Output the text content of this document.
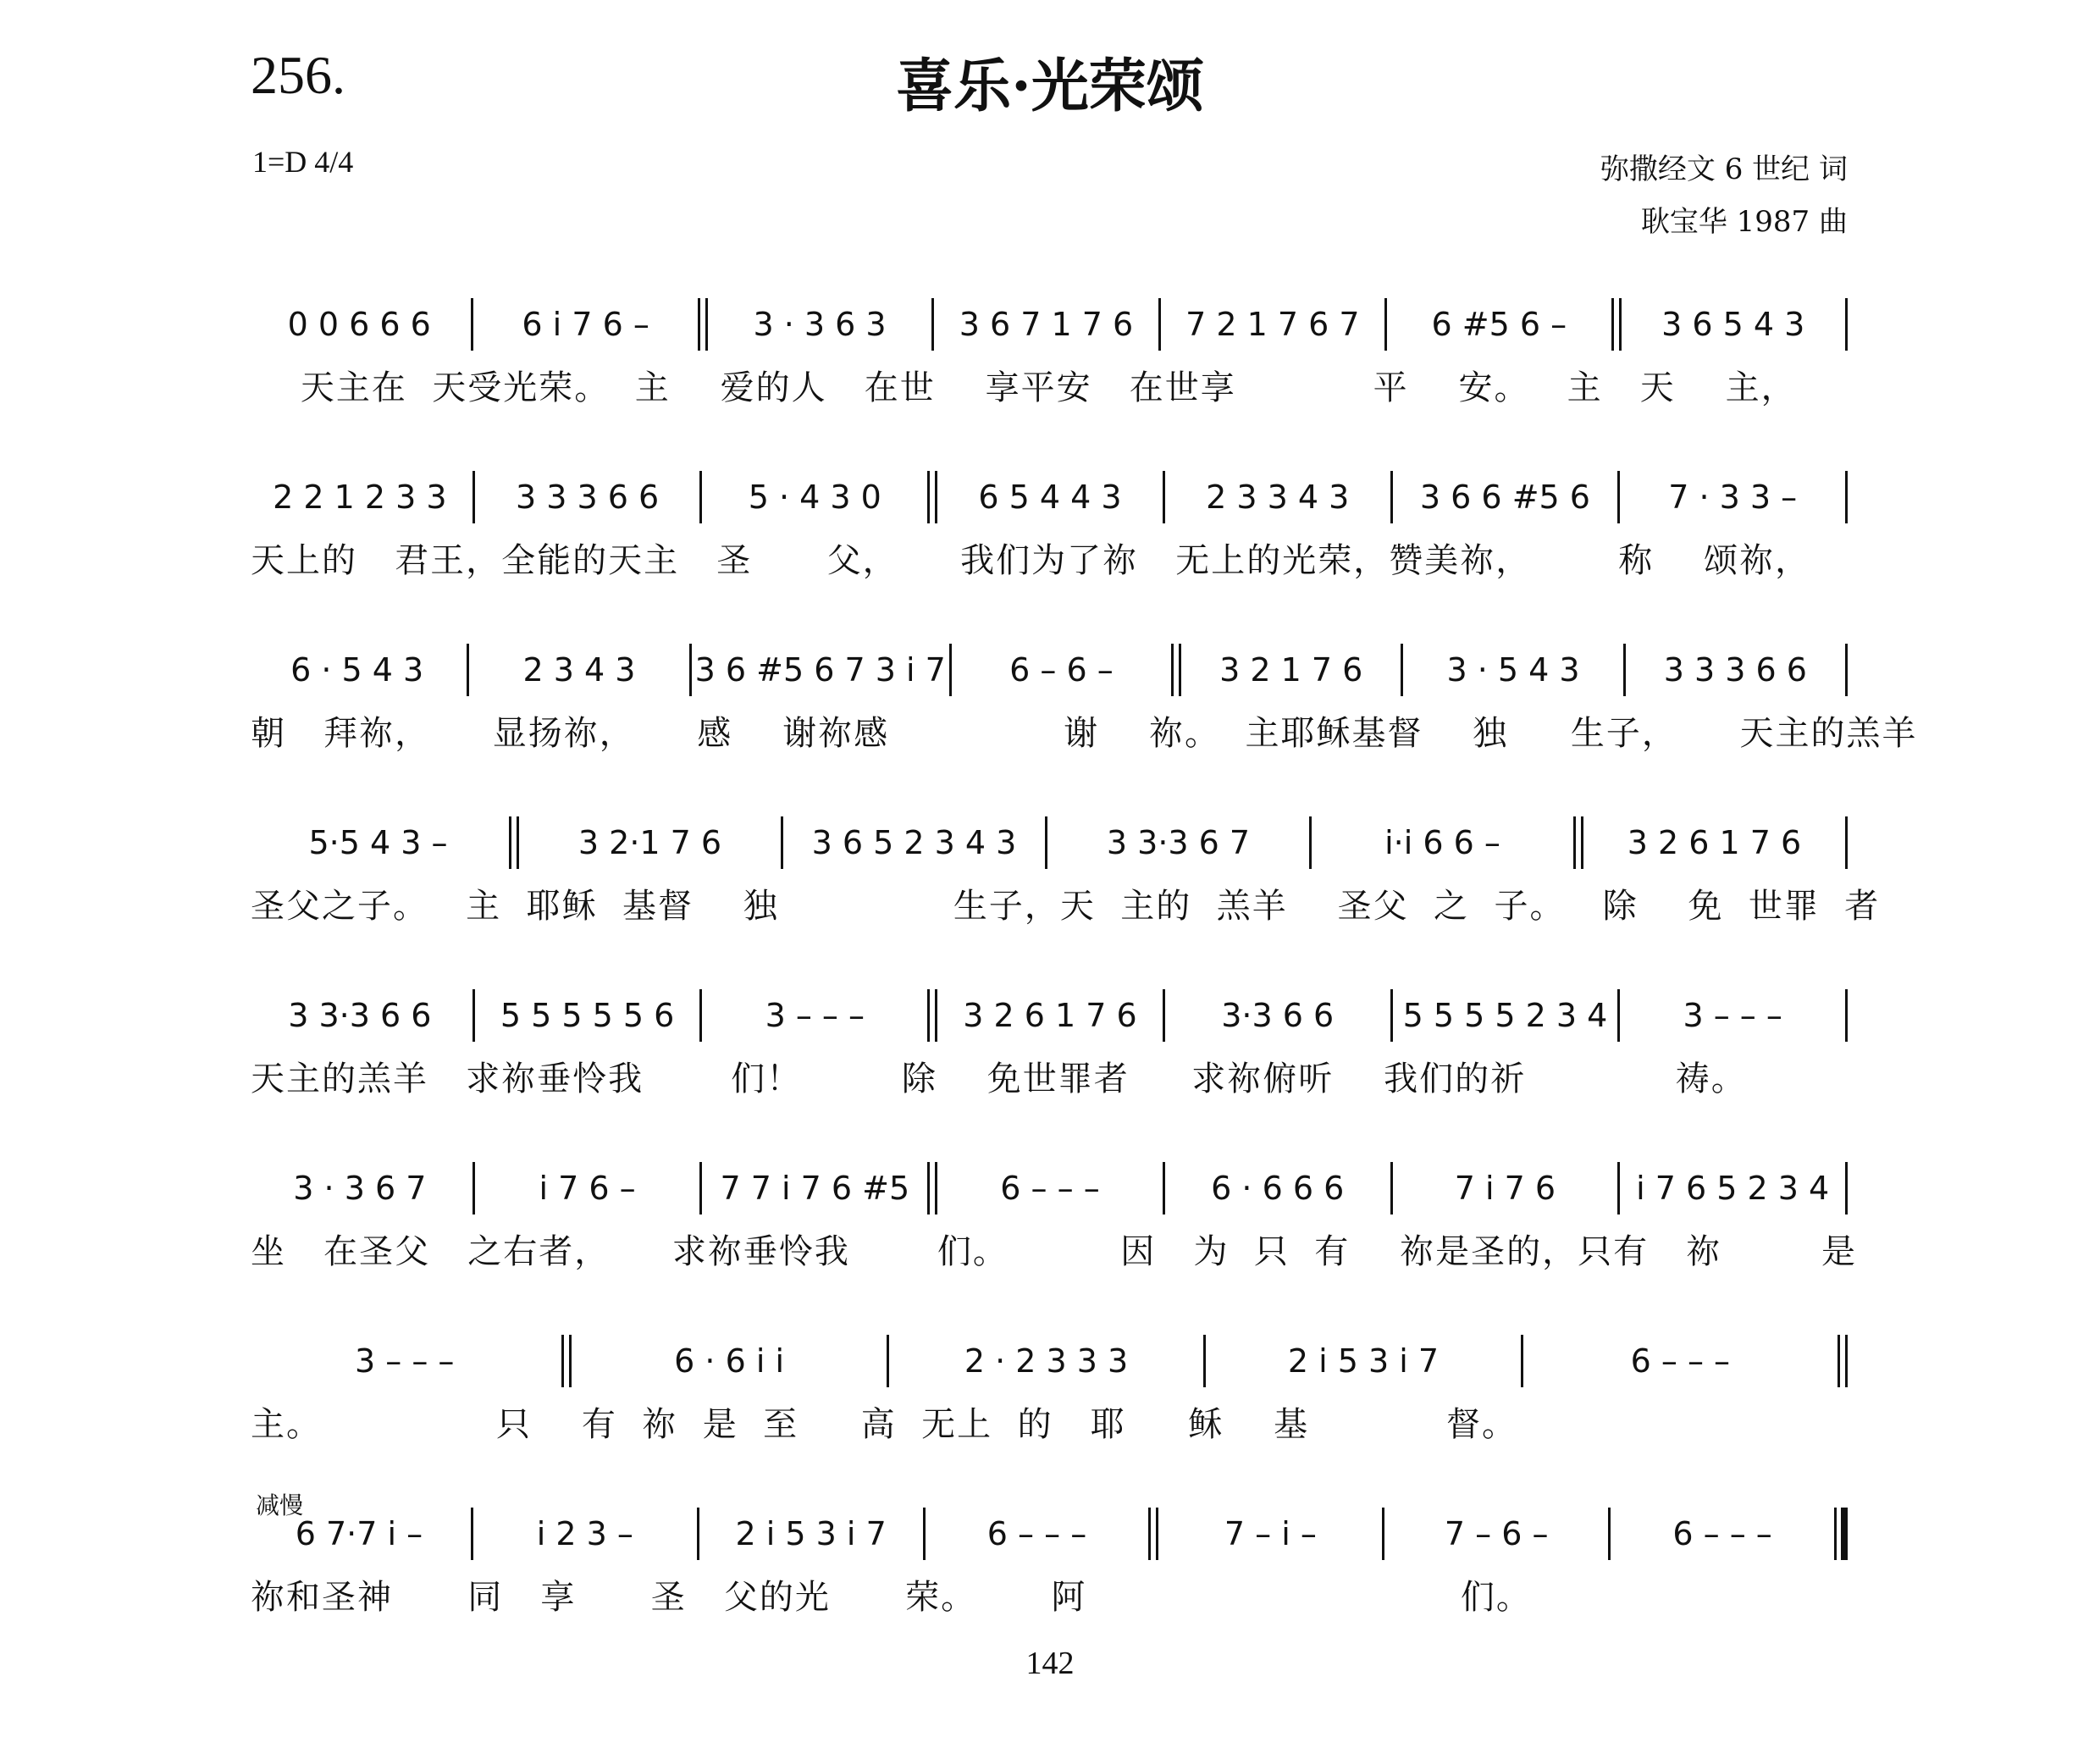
256.	喜乐·光荣颂
1=D 4/4	弥撒经文 6 世纪 词
耿宝华 1987 曲
减慢
0 0 6 6 6	6 i 7 6 –	3 · 3 6 3	3 6 7 1 7 6	7 2 1 7 6 7	6 #5 6 –	3 6 5 4 3
天主在  天受光荣。  主    爱的人   在世    享平安   在世享           平    安。   主   天    主，
2 2 1 2 3 3	3 3 3 6 6	5 · 4 3 0	6 5 4 4 3	2 3 3 4 3	3 6 6 #5 6	7 · 3 3 –
天上的   君王，全能的天主   圣      父，     我们为了祢   无上的光荣，赞美祢，       称    颂祢，
6 · 5 4 3	2 3 4 3	3 6 #5 6 7 3 i 7	6 – 6 –	3 2 1 7 6	3 · 5 4 3	3 3 3 6 6
朝   拜祢，     显扬祢，     感    谢祢感              谢    祢。  主耶稣基督    独     生子，     天主的羔羊
5·5 4 3 –	3 2·1 7 6	3 6 5 2 3 4 3	3 3·3 6 7	i·i 6 6 –	3 2 6 1 7 6
圣父之子。   主  耶稣  基督    独              生子，天  主的  羔羊    圣父  之  子。   除    免  世罪  者
3 3·3 6 6	5 5 5 5 5 6	3 – – –	3 2 6 1 7 6	3·3 6 6	5 5 5 5 2 3 4	3 – – –
天主的羔羊   求祢垂怜我       们！        除    免世罪者     求祢俯听    我们的祈            祷。
3 · 3 6 7	i 7 6 –	7 7 i 7 6 #5	6 – – –	6 · 6 6 6	7 i 7 6	i 7 6 5 2 3 4
坐   在圣父   之右者，     求祢垂怜我       们。         因   为  只  有    祢是圣的，只有   祢        是
3 – – –	6 · 6 i i	2 · 2 3 3 3	2 i 5 3 i 7	6 – – –
主。              只    有  祢  是  至     高  无上  的   耶     稣    基           督。
6 7·7 i –	i 2 3 –	2 i 5 3 i 7	6 – – –	7 – i –	7 – 6 –	6 – – –
祢和圣神      同   享      圣   父的光      荣。      阿                              们。
142
